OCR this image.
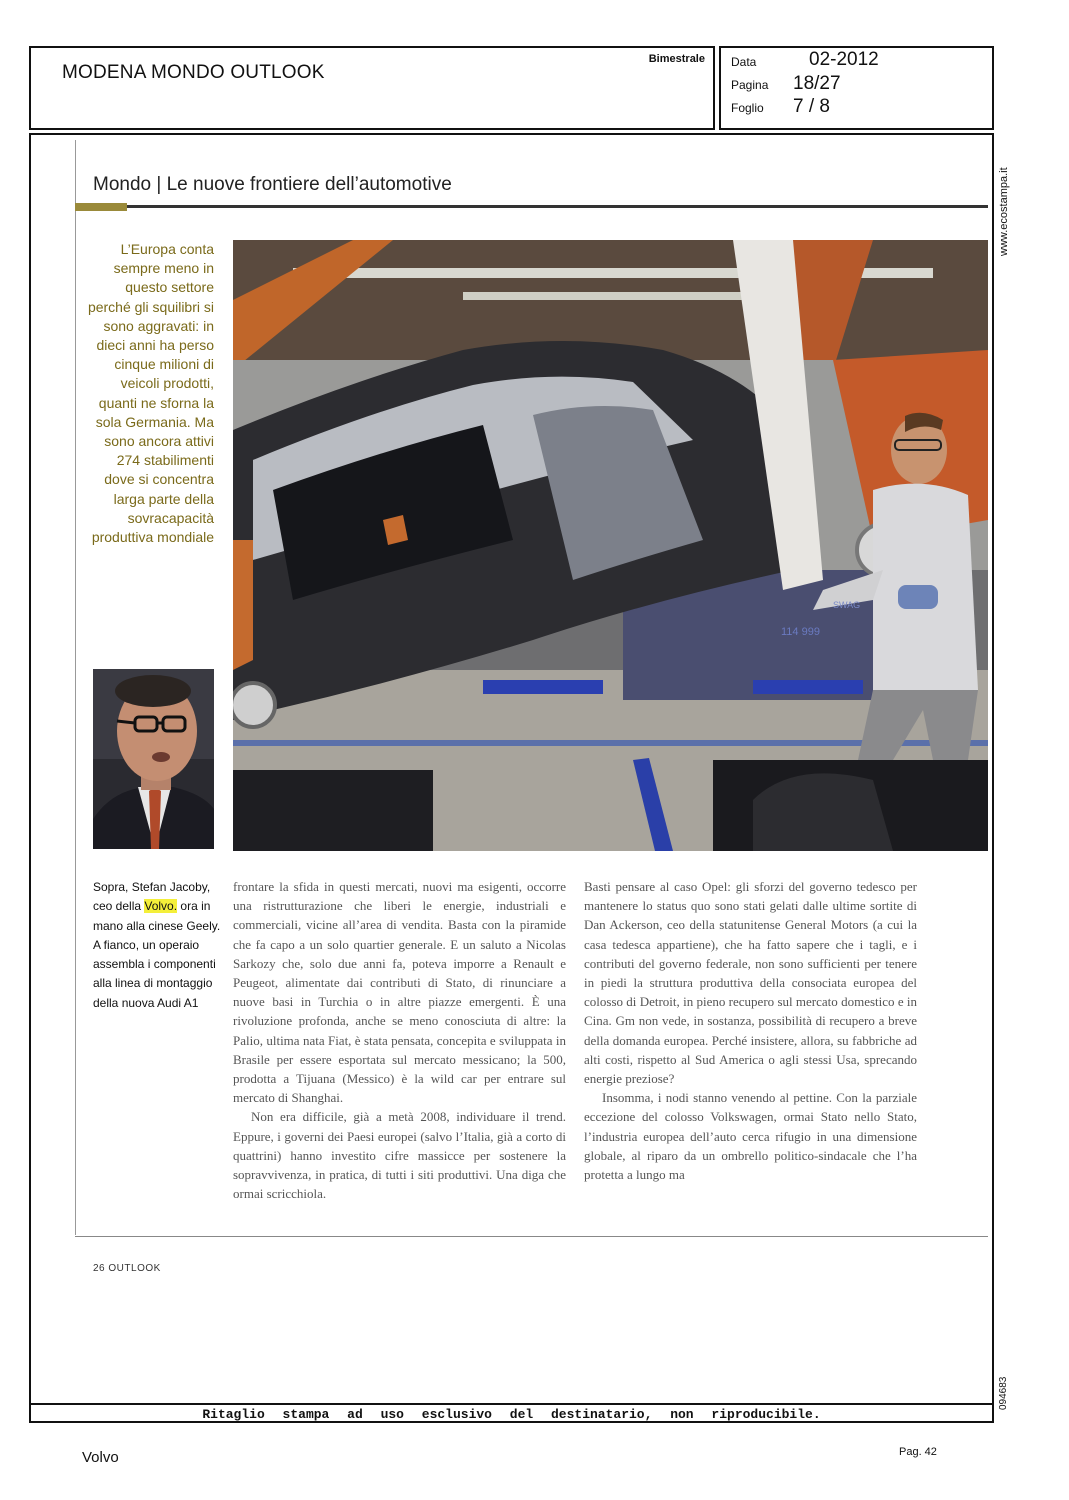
MODENA MONDO OUTLOOK
Bimestrale Data	02-2012
Pagina 18/27
Foglio 7 / 8
www.ecostampa.it
094683
Mondo | Le nuove frontiere dell’automotive
L’Europa conta sempre meno in questo settore perché gli squilibri si sono aggravati: in dieci anni ha perso cinque milioni di veicoli prodotti, quanti ne sforna la sola Germania. Ma sono ancora attivi 274 stabilimenti dove si concentra larga parte della sovracapacità produttiva mondiale
114 999
SWAG
Sopra, Stefan Jacoby, ceo della Volvo. ora in mano alla cinese Geely. A fianco, un operaio assembla i componenti alla linea di montaggio della nuova Audi A1

frontare la sfida in questi mercati, nuovi ma esigenti, occorre una ristrutturazione che liberi le energie, industriali e commerciali, vicine all’area di vendita. Basta con la piramide che fa capo a un solo quartier generale. E un saluto a Nicolas Sarkozy che, solo due anni fa, poteva imporre a Renault e Peugeot, alimentate dai contributi di Stato, di rinunciare a nuove basi in Turchia o in altre piazze emergenti. È una rivoluzione profonda, anche se meno conosciuta di altre: la Palio, ultima nata Fiat, è stata pensata, concepita e sviluppata in Brasile per essere esportata sul mercato messicano; la 500, prodotta a Tijuana (Messico) è la wild car per entrare sul mercato di Shanghai.

Non era difficile, già a metà 2008, individuare il trend. Eppure, i governi dei Paesi europei (salvo l’Italia, già a corto di quattrini) hanno investito cifre massicce per sostenere la sopravvivenza, in pratica, di tutti i siti produttivi. Una diga che ormai scricchiola.

Basti pensare al caso Opel: gli sforzi del governo tedesco per mantenere lo status quo sono stati gelati dalle ultime sortite di Dan Ackerson, ceo della statunitense General Motors (a cui la casa tedesca appartiene), che ha fatto sapere che i tagli, e i contributi del governo federale, non sono sufficienti per tenere in piedi la struttura produttiva della consociata europea del colosso di Detroit, in pieno recupero sul mercato domestico e in Cina. Gm non vede, in sostanza, possibilità di recupero a breve della domanda europea. Perché insistere, allora, su fabbriche ad alti costi, rispetto al Sud America o agli stessi Usa, sprecando energie preziose?

Insomma, i nodi stanno venendo al pettine. Con la parziale eccezione del colosso Volkswagen, ormai Stato nello Stato, l’industria europea dell’auto cerca rifugio in una dimensione globale, al riparo da un ombrello politico-sindacale che l’ha protetta a lungo ma

26 OUTLOOK
Ritaglio stampa ad uso esclusivo del destinatario, non riproducibile.
Volvo	Pag. 42
